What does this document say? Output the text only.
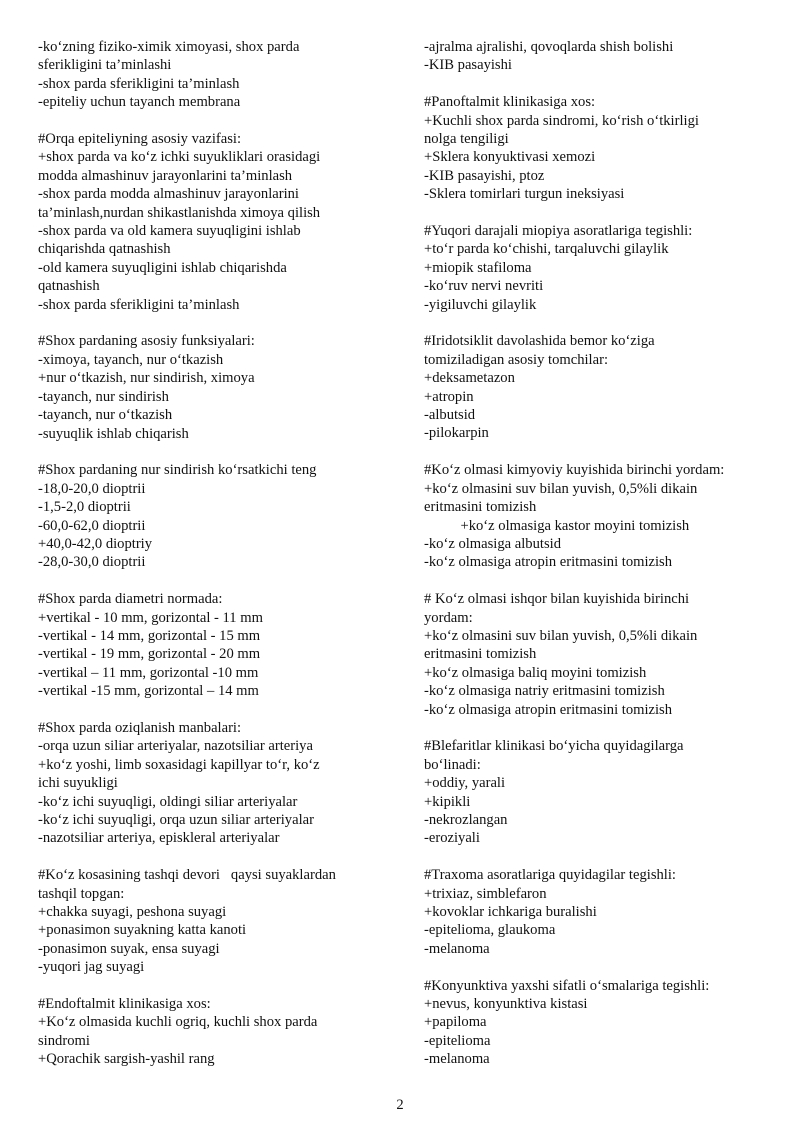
-ko‘zning fiziko-ximik ximoyasi, shox parda
sferikligini ta’minlashi
-shox parda sferikligini ta’minlash
-epiteliy uchun tayanch membrana
#Orqa epiteliyning asosiy vazifasi:
+shox parda va ko‘z ichki suyukliklari orasidagi
modda almashinuv jarayonlarini ta’minlash
-shox parda modda almashinuv jarayonlarini
ta’minlash,nurdan shikastlanishda ximoya qilish
-shox parda va old kamera suyuqligini ishlab
chiqarishda qatnashish
-old kamera suyuqligini ishlab chiqarishda
qatnashish
-shox parda sferikligini ta’minlash
#Shox pardaning asosiy funksiyalari:
-ximoya, tayanch, nur o‘tkazish
+nur o‘tkazish, nur sindirish, ximoya
-tayanch, nur sindirish
-tayanch, nur o‘tkazish
-suyuqlik ishlab chiqarish
#Shox pardaning nur sindirish ko‘rsatkichi teng
-18,0-20,0 dioptrii
-1,5-2,0 dioptrii
-60,0-62,0 dioptrii
+40,0-42,0 dioptriy
-28,0-30,0 dioptrii
#Shox parda diametri normada:
+vertikal - 10 mm, gorizontal - 11 mm
-vertikal - 14 mm, gorizontal - 15 mm
-vertikal - 19 mm, gorizontal - 20 mm
-vertikal – 11 mm, gorizontal -10 mm
-vertikal -15 mm, gorizontal – 14 mm
#Shox parda oziqlanish manbalari:
-orqa uzun siliar arteriyalar, nazotsiliar arteriya
+ko‘z yoshi, limb soxasidagi kapillyar to‘r, ko‘z
ichi suyukligi
-ko‘z ichi suyuqligi, oldingi siliar arteriyalar
-ko‘z ichi suyuqligi, orqa uzun siliar arteriyalar
-nazotsiliar arteriya, episkleral arteriyalar
#Ko‘z kosasining tashqi devori   qaysi suyaklardan
tashqil topgan:
+chakka suyagi, peshona suyagi
+ponasimon suyakning katta kanoti
-ponasimon suyak, ensa suyagi
-yuqori jag suyagi
#Endoftalmit klinikasiga xos:
+Ko‘z olmasida kuchli ogriq, kuchli shox parda
sindromi
+Qorachik sargish-yashil rang
-ajralma ajralishi, qovoqlarda shish bolishi
-KIB pasayishi
#Panoftalmit klinikasiga xos:
+Kuchli shox parda sindromi, ko‘rish o‘tkirligi
nolga tengiligi
+Sklera konyuktivasi xemozi
-KIB pasayishi, ptoz
-Sklera tomirlari turgun ineksiyasi
#Yuqori darajali miopiya asoratlariga tegishli:
+to‘r parda ko‘chishi, tarqaluvchi gilaylik
+miopik stafiloma
-ko‘ruv nervi nevriti
-yigiluvchi gilaylik
#Iridotsiklit davolashida bemor ko‘ziga
tomiziladigan asosiy tomchilar:
+deksametazon
+atropin
-albutsid
-pilokarpin
#Ko‘z olmasi kimyoviy kuyishida birinchi yordam:
+ko‘z olmasini suv bilan yuvish, 0,5%li dikain
eritmasini tomizish
+ko‘z olmasiga kastor moyini tomizish
-ko‘z olmasiga albutsid
-ko‘z olmasiga atropin eritmasini tomizish
# Ko‘z olmasi ishqor bilan kuyishida birinchi
yordam:
+ko‘z olmasini suv bilan yuvish, 0,5%li dikain
eritmasini tomizish
+ko‘z olmasiga baliq moyini tomizish
-ko‘z olmasiga natriy eritmasini tomizish
-ko‘z olmasiga atropin eritmasini tomizish
#Blefaritlar klinikasi bo‘yicha quyidagilarga
bo‘linadi:
+oddiy, yarali
+kipikli
-nekrozlangan
-eroziyali
#Traxoma asoratlariga quyidagilar tegishli:
+trixiaz, simblefaron
+kovoklar ichkariga buralishi
-epitelioma, glaukoma
-melanoma
#Konyunktiva yaxshi sifatli o‘smalariga tegishli:
+nevus, konyunktiva kistasi
+papiloma
-epitelioma
-melanoma
2
